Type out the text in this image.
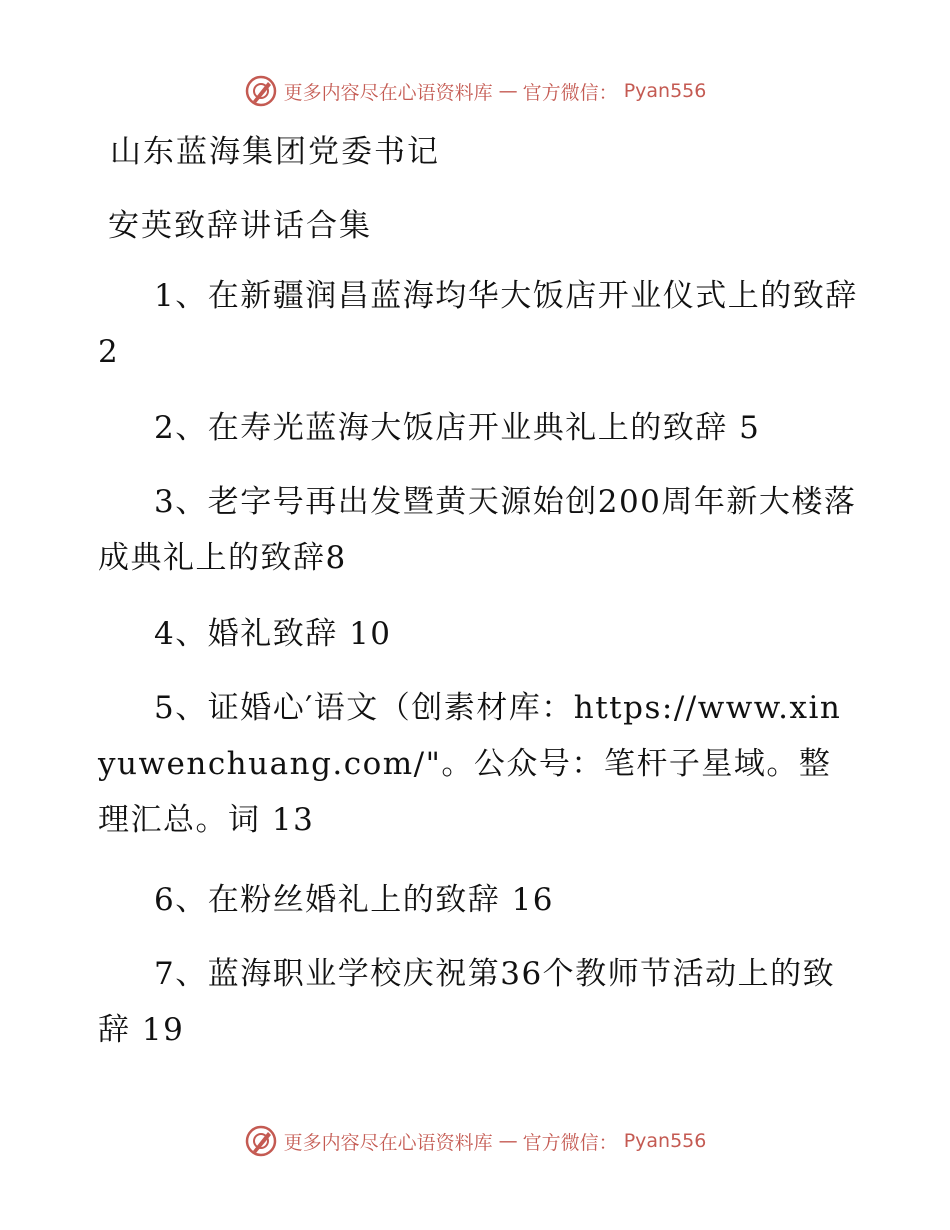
更多内容尽在心语资料库 — 官方微信： Pyan556
山东蓝海集团党委书记
安英致辞讲话合集
1、在新疆润昌蓝海均华大饭店开业仪式上的致辞 2
2、在寿光蓝海大饭店开业典礼上的致辞 5
3、老字号再出发暨黄天源始创200周年新大楼落成典礼上的致辞8
4、婚礼致辞 10
5、证婚心′语文（创素材库：https://www.xinyuwenchuang.com/"。公众号：笔杆子星域。整理汇总。词 13
6、在粉丝婚礼上的致辞 16
7、蓝海职业学校庆祝第36个教师节活动上的致辞 19
更多内容尽在心语资料库 — 官方微信： Pyan556
